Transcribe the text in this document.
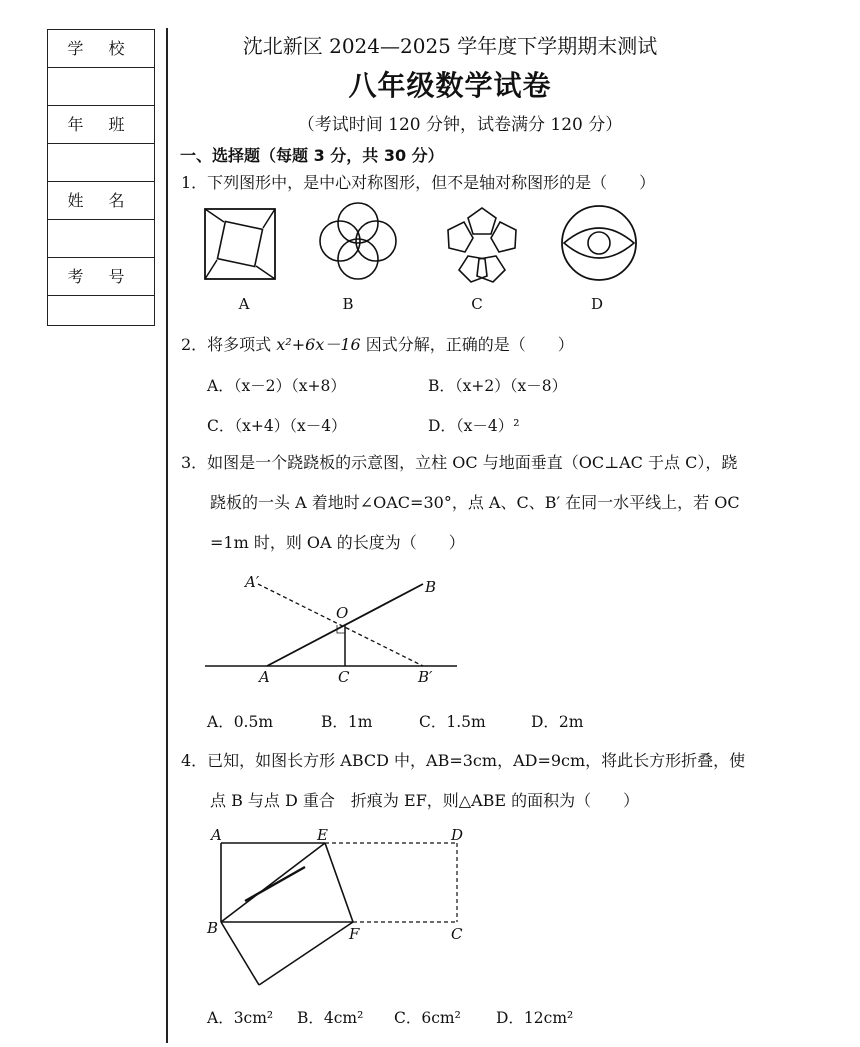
学 校
年 班
姓 名
考 号
沈北新区 2024—2025 学年度下学期期末测试
八年级数学试卷
（考试时间 120 分钟，试卷满分 120 分）
一、选择题（每题 3 分，共 30 分）
1．下列图形中，是中心对称图形，但不是轴对称图形的是（　　）
A	B	C	D
2．将多项式 x²+6x－16 因式分解，正确的是（　　）
A．（x－2）（x+8）	B．（x+2）（x－8）
C．（x+4）（x－4）	D．（x－4）²
3．如图是一个跷跷板的示意图，立柱 OC 与地面垂直（OC⊥AC 于点 C），跷
跷板的一头 A 着地时∠OAC=30°，点 A、C、B′ 在同一水平线上，若 OC
=1m 时，则 OA 的长度为（　　）
A′	B
O
A	C	B′
A．0.5m	B．1m	C．1.5m	D．2m
4．已知，如图长方形 ABCD 中，AB=3cm，AD=9cm，将此长方形折叠，使
点 B 与点 D 重合　折痕为 EF，则△ABE 的面积为（　　）
A	E	D
B	F	C
A．3cm² B．4cm² C．6cm² D．12cm²
